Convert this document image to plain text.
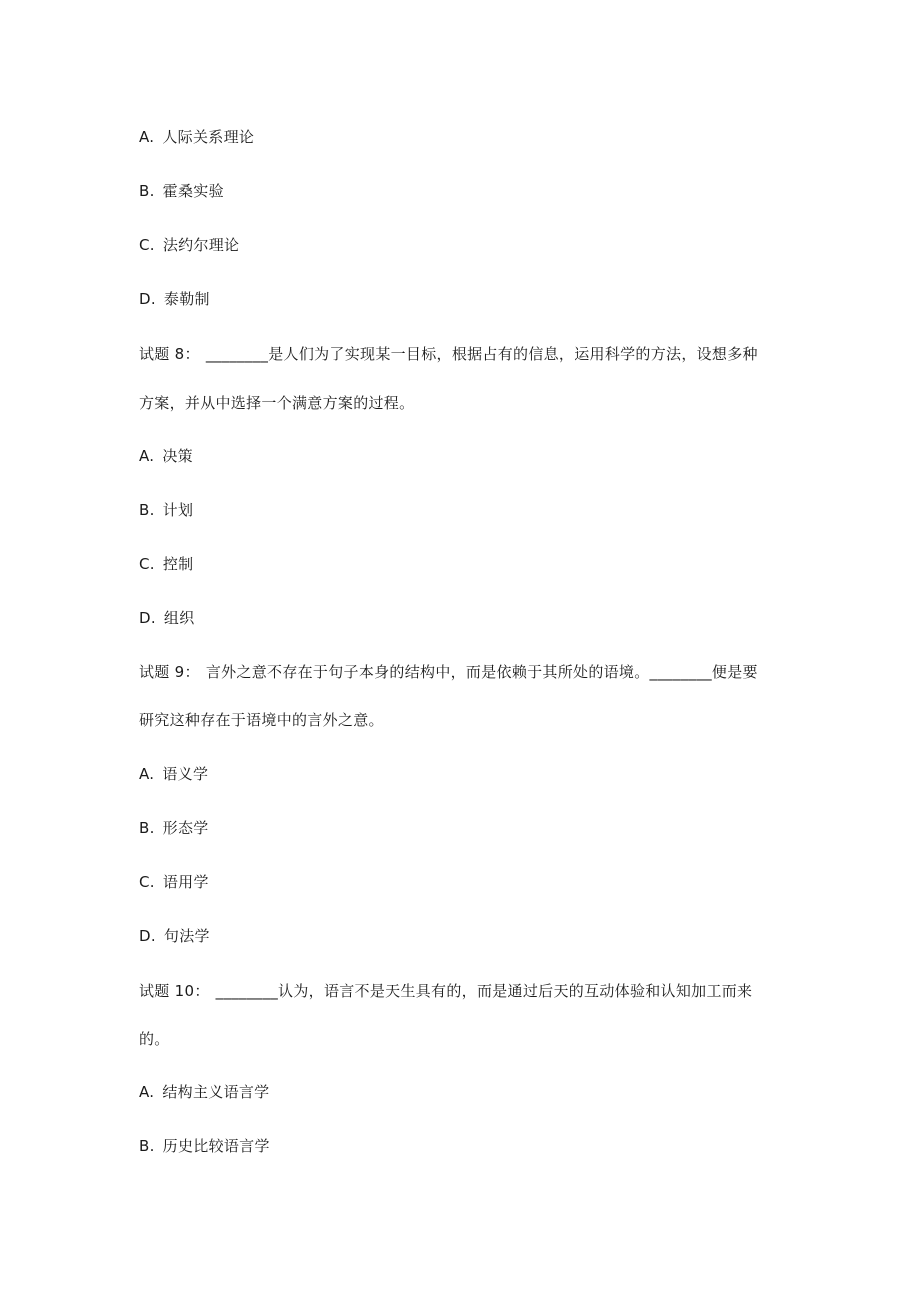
A. 人际关系理论
B. 霍桑实验
C. 法约尔理论
D. 泰勒制
试题 8： ________是人们为了实现某一目标，根据占有的信息，运用科学的方法，设想多种
方案，并从中选择一个满意方案的过程。
A. 决策
B. 计划
C. 控制
D. 组织
试题 9： 言外之意不存在于句子本身的结构中，而是依赖于其所处的语境。________便是要
研究这种存在于语境中的言外之意。
A. 语义学
B. 形态学
C. 语用学
D. 句法学
试题 10： ________认为，语言不是天生具有的，而是通过后天的互动体验和认知加工而来
的。
A. 结构主义语言学
B. 历史比较语言学
